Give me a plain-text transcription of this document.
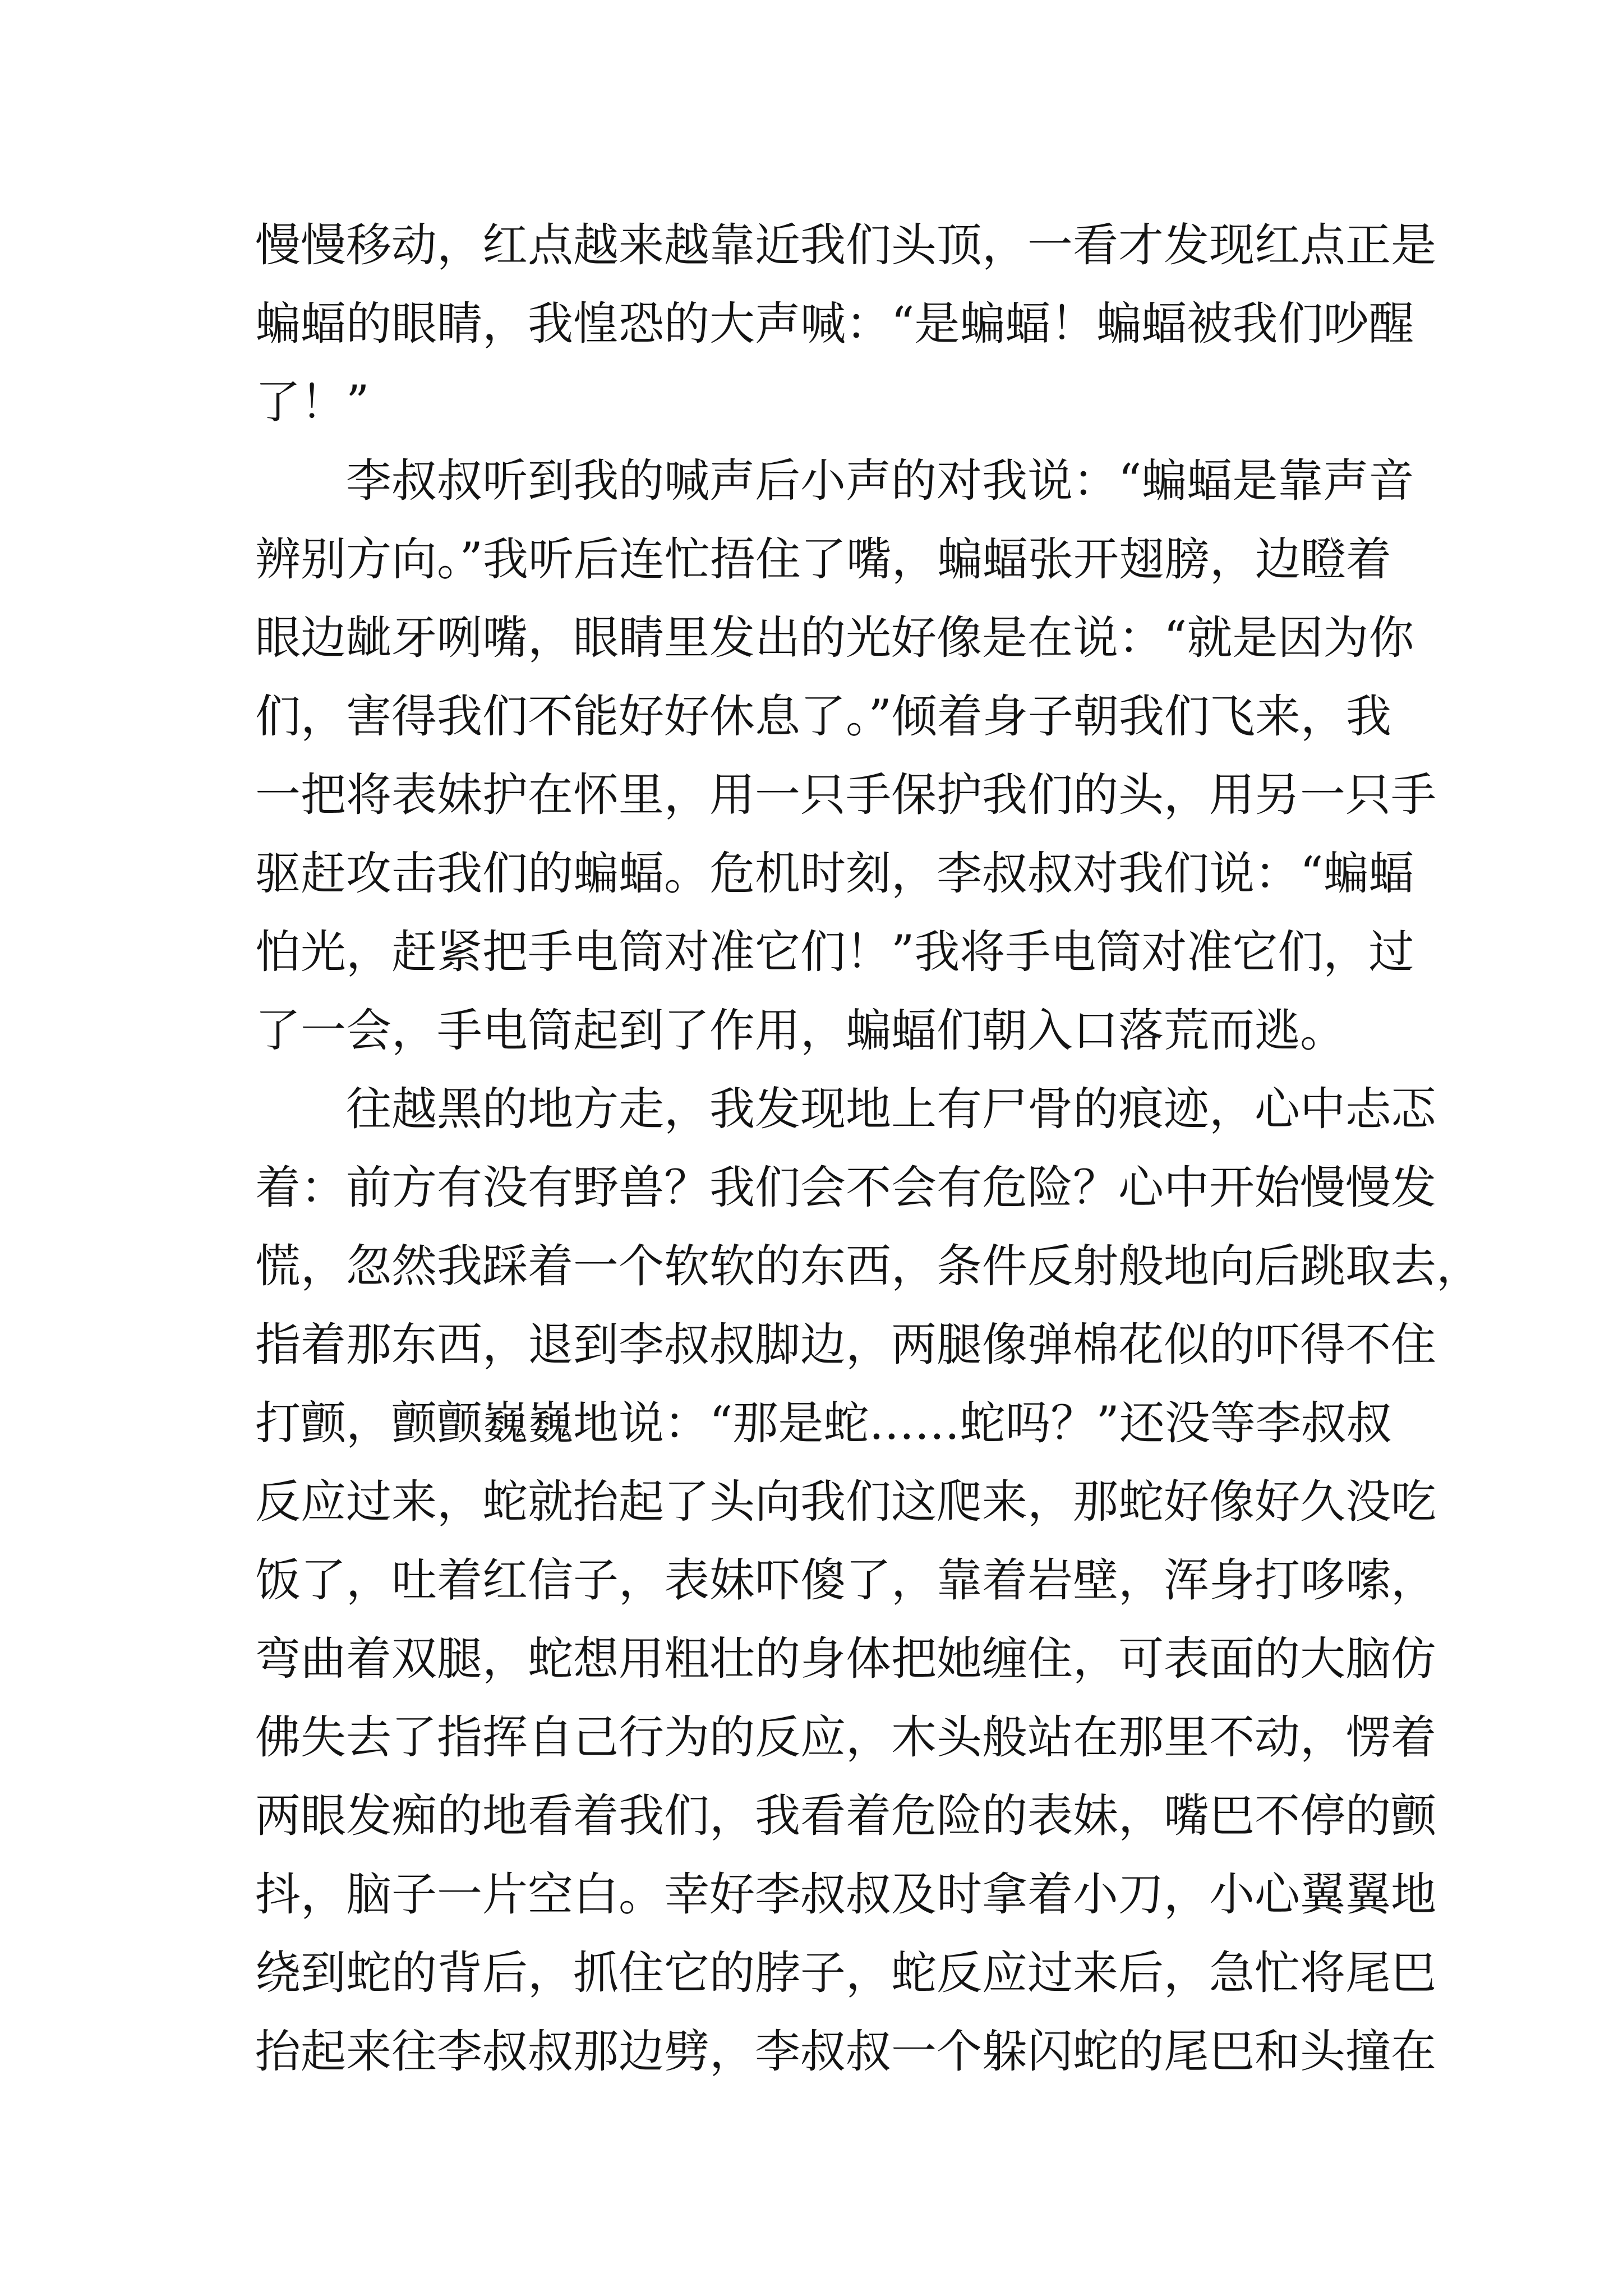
慢慢移动，红点越来越靠近我们头顶，一看才发现红点正是
蝙蝠的眼睛，我惶恐的大声喊：“是蝙蝠！蝙蝠被我们吵醒
了！”
李叔叔听到我的喊声后小声的对我说：“蝙蝠是靠声音
辨别方向。”我听后连忙捂住了嘴，蝙蝠张开翅膀，边瞪着
眼边龇牙咧嘴，眼睛里发出的光好像是在说：“就是因为你
们，害得我们不能好好休息了。”倾着身子朝我们飞来，我
一把将表妹护在怀里，用一只手保护我们的头，用另一只手
驱赶攻击我们的蝙蝠。危机时刻，李叔叔对我们说：“蝙蝠
怕光，赶紧把手电筒对准它们！”我将手电筒对准它们，过
了一会，手电筒起到了作用，蝙蝠们朝入口落荒而逃。
往越黑的地方走，我发现地上有尸骨的痕迹，心中忐忑
着：前方有没有野兽？我们会不会有危险？心中开始慢慢发
慌，忽然我踩着一个软软的东西，条件反射般地向后跳取去，
指着那东西，退到李叔叔脚边，两腿像弹棉花似的吓得不住
打颤，颤颤巍巍地说：“那是蛇……蛇吗？”还没等李叔叔
反应过来，蛇就抬起了头向我们这爬来，那蛇好像好久没吃
饭了，吐着红信子，表妹吓傻了，靠着岩壁，浑身打哆嗦，
弯曲着双腿，蛇想用粗壮的身体把她缠住，可表面的大脑仿
佛失去了指挥自己行为的反应，木头般站在那里不动，愣着
两眼发痴的地看着我们，我看着危险的表妹，嘴巴不停的颤
抖，脑子一片空白。幸好李叔叔及时拿着小刀，小心翼翼地
绕到蛇的背后，抓住它的脖子，蛇反应过来后，急忙将尾巴
抬起来往李叔叔那边劈，李叔叔一个躲闪蛇的尾巴和头撞在
